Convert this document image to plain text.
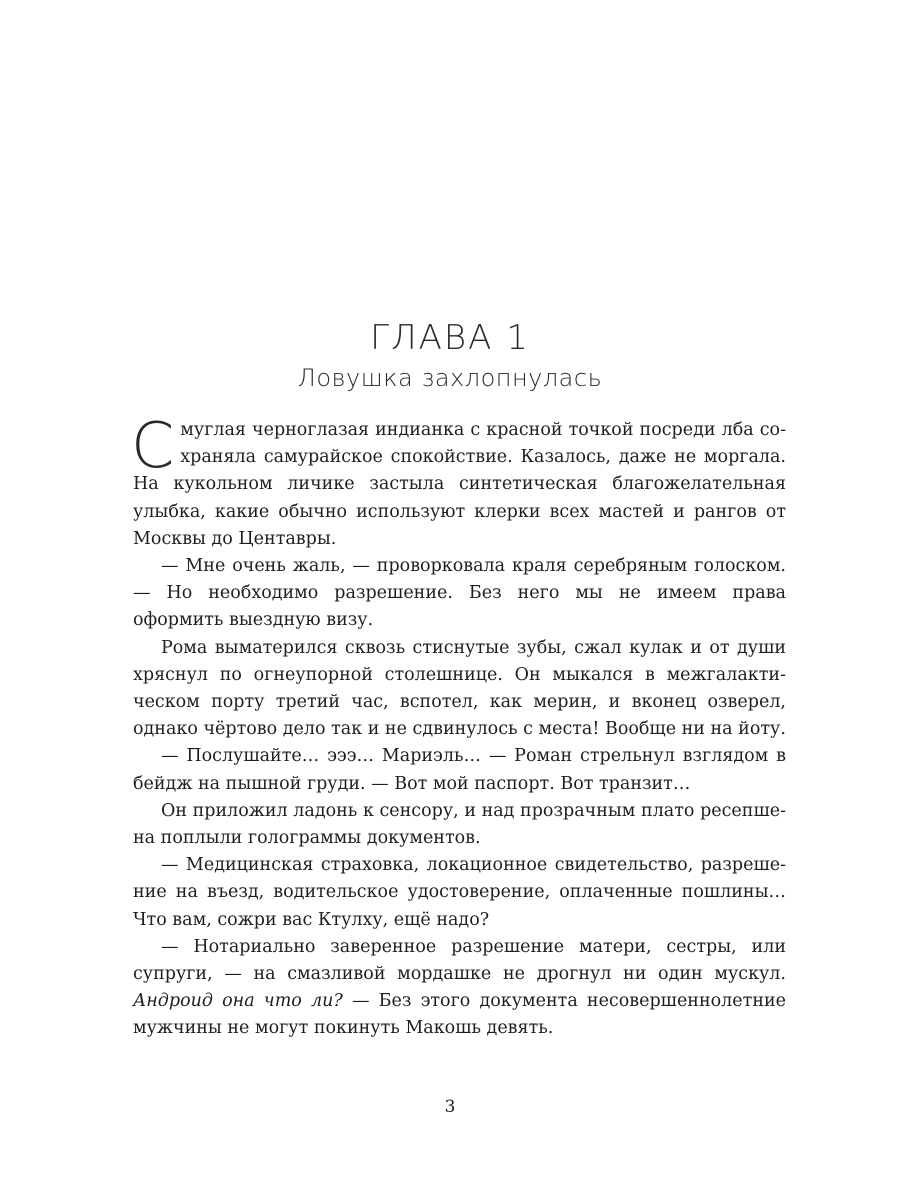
ГЛАВА 1
Ловушка захлопнулась

Смуглая черноглазая индианка с красной точкой посреди лба сохраняла самурайское спокойствие. Казалось, даже не моргала. На кукольном личике застыла синтетическая благожелательная улыбка, какие обычно используют клерки всех мастей и рангов от Москвы до Центавры.

— Мне очень жаль, — проворковала краля серебряным голоском. — Но необходимо разрешение. Без него мы не имеем права оформить выездную визу.

Рома выматерился сквозь стиснутые зубы, сжал кулак и от души хряснул по огнеупорной столешнице. Он мыкался в межгалактическом порту третий час, вспотел, как мерин, и вконец озверел, однако чёртово дело так и не сдвинулось с места! Вообще ни на йоту.

— Послушайте… эээ… Мариэль… — Роман стрельнул взглядом в бейдж на пышной груди. — Вот мой паспорт. Вот транзит…

Он приложил ладонь к сенсору, и над прозрачным плато ресепшена поплыли голограммы документов.

— Медицинская страховка, локационное свидетельство, разрешение на въезд, водительское удостоверение, оплаченные пошлины… Что вам, сожри вас Ктулху, ещё надо?

— Нотариально заверенное разрешение матери, сестры, или супруги, — на смазливой мордашке не дрогнул ни один мускул. Андроид она что ли? — Без этого документа несовершеннолетние мужчины не могут покинуть Макошь девять.

3
